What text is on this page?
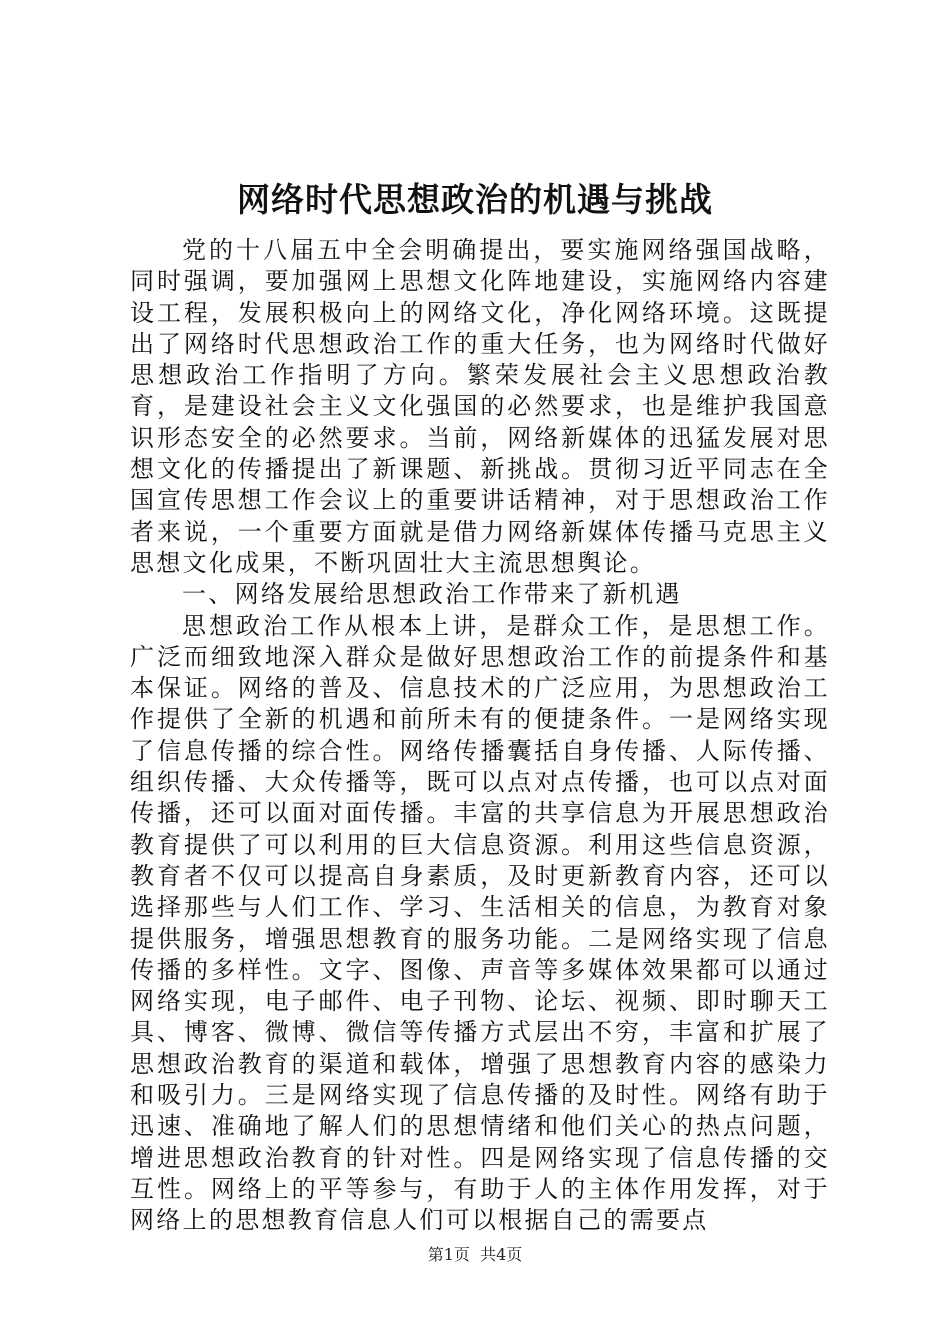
网络时代思想政治的机遇与挑战

党的十八届五中全会明确提出，要实施网络强国战略，同时强调，要加强网上思想文化阵地建设，实施网络内容建设工程，发展积极向上的网络文化，净化网络环境。这既提出了网络时代思想政治工作的重大任务，也为网络时代做好思想政治工作指明了方向。繁荣发展社会主义思想政治教育，是建设社会主义文化强国的必然要求，也是维护我国意识形态安全的必然要求。当前，网络新媒体的迅猛发展对思想文化的传播提出了新课题、新挑战。贯彻习近平同志在全国宣传思想工作会议上的重要讲话精神，对于思想政治工作者来说，一个重要方面就是借力网络新媒体传播马克思主义思想文化成果，不断巩固壮大主流思想舆论。

一、网络发展给思想政治工作带来了新机遇

思想政治工作从根本上讲，是群众工作，是思想工作。广泛而细致地深入群众是做好思想政治工作的前提条件和基本保证。网络的普及、信息技术的广泛应用，为思想政治工作提供了全新的机遇和前所未有的便捷条件。一是网络实现了信息传播的综合性。网络传播囊括自身传播、人际传播、组织传播、大众传播等，既可以点对点传播，也可以点对面传播，还可以面对面传播。丰富的共享信息为开展思想政治教育提供了可以利用的巨大信息资源。利用这些信息资源，教育者不仅可以提高自身素质，及时更新教育内容，还可以选择那些与人们工作、学习、生活相关的信息，为教育对象提供服务，增强思想教育的服务功能。二是网络实现了信息传播的多样性。文字、图像、声音等多媒体效果都可以通过网络实现，电子邮件、电子刊物、论坛、视频、即时聊天工具、博客、微博、微信等传播方式层出不穷，丰富和扩展了思想政治教育的渠道和载体，增强了思想教育内容的感染力和吸引力。三是网络实现了信息传播的及时性。网络有助于迅速、准确地了解人们的思想情绪和他们关心的热点问题，增进思想政治教育的针对性。四是网络实现了信息传播的交互性。网络上的平等参与，有助于人的主体作用发挥，对于网络上的思想教育信息人们可以根据自己的需要点

第1页  共4页
